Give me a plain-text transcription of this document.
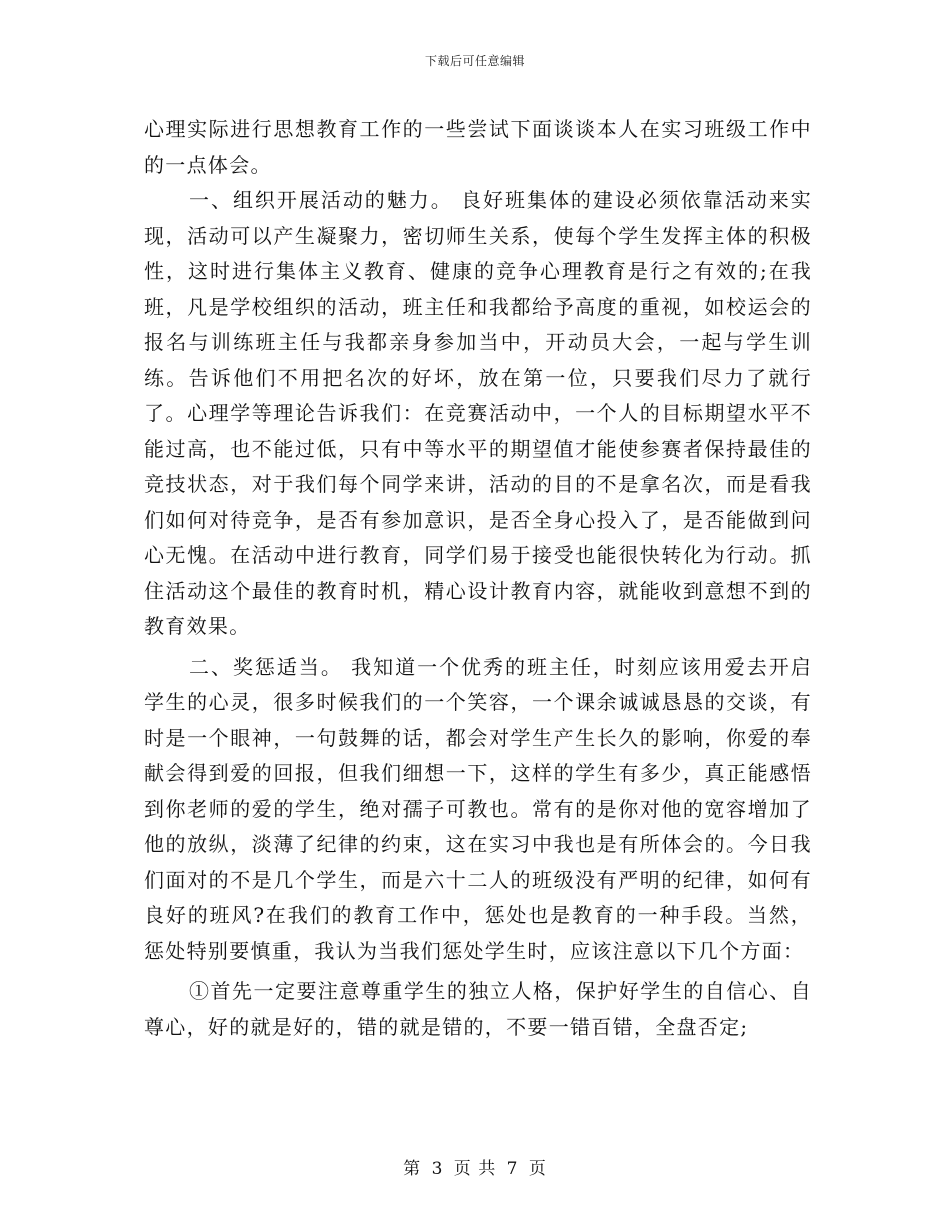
下载后可任意编辑

心理实际进行思想教育工作的一些尝试下面谈谈本人在实习班级工作中的一点体会。

一、组织开展活动的魅力。 良好班集体的建设必须依靠活动来实现，活动可以产生凝聚力，密切师生关系，使每个学生发挥主体的积极性，这时进行集体主义教育、健康的竞争心理教育是行之有效的;在我班，凡是学校组织的活动，班主任和我都给予高度的重视，如校运会的报名与训练班主任与我都亲身参加当中，开动员大会，一起与学生训练。告诉他们不用把名次的好坏，放在第一位，只要我们尽力了就行了。心理学等理论告诉我们：在竞赛活动中，一个人的目标期望水平不能过高，也不能过低，只有中等水平的期望值才能使参赛者保持最佳的竞技状态，对于我们每个同学来讲，活动的目的不是拿名次，而是看我们如何对待竞争，是否有参加意识，是否全身心投入了，是否能做到问心无愧。在活动中进行教育，同学们易于接受也能很快转化为行动。抓住活动这个最佳的教育时机，精心设计教育内容，就能收到意想不到的教育效果。

二、奖惩适当。 我知道一个优秀的班主任，时刻应该用爱去开启学生的心灵，很多时候我们的一个笑容，一个课余诚诚恳恳的交谈，有时是一个眼神，一句鼓舞的话，都会对学生产生长久的影响，你爱的奉献会得到爱的回报，但我们细想一下，这样的学生有多少，真正能感悟到你老师的爱的学生，绝对孺子可教也。常有的是你对他的宽容增加了他的放纵，淡薄了纪律的约束，这在实习中我也是有所体会的。今日我们面对的不是几个学生，而是六十二人的班级没有严明的纪律，如何有良好的班风?在我们的教育工作中，惩处也是教育的一种手段。当然，惩处特别要慎重，我认为当我们惩处学生时，应该注意以下几个方面：

①首先一定要注意尊重学生的独立人格，保护好学生的自信心、自尊心，好的就是好的，错的就是错的，不要一错百错，全盘否定;

第 3 页 共 7 页
